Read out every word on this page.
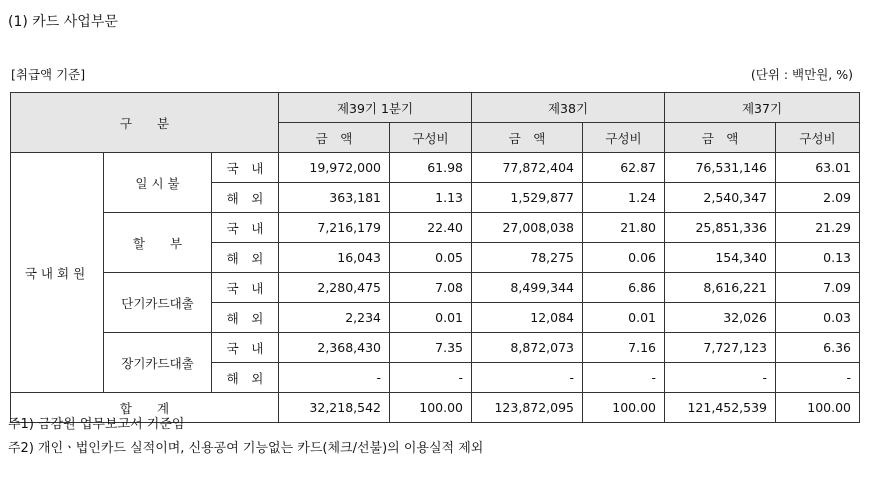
(1) 카드 사업부문
[취급액 기준]	(단위 : 백만원, %)
구　　분			제39기 1분기		제38기		제37기	
			금　액	구성비	금　액	구성비	금　액	구성비
국내회원	일 시 불	국　내	19,972,000	61.98	77,872,404	62.87	76,531,146	63.01
		해　외	363,181	1.13	1,529,877	1.24	2,540,347	2.09
	할　　부	국　내	7,216,179	22.40	27,008,038	21.80	25,851,336	21.29
		해　외	16,043	0.05	78,275	0.06	154,340	0.13
	단기카드대출	국　내	2,280,475	7.08	8,499,344	6.86	8,616,221	7.09
		해　외	2,234	0.01	12,084	0.01	32,026	0.03
	장기카드대출	국　내	2,368,430	7.35	8,872,073	7.16	7,727,123	6.36
		해　외	-	-	-	-	-	-
합　　계			32,218,542	100.00	123,872,095	100.00	121,452,539	100.00
주1) 금감원 업무보고서 기준임
주2) 개인ㆍ법인카드 실적이며, 신용공여 기능없는 카드(체크/선불)의 이용실적 제외
